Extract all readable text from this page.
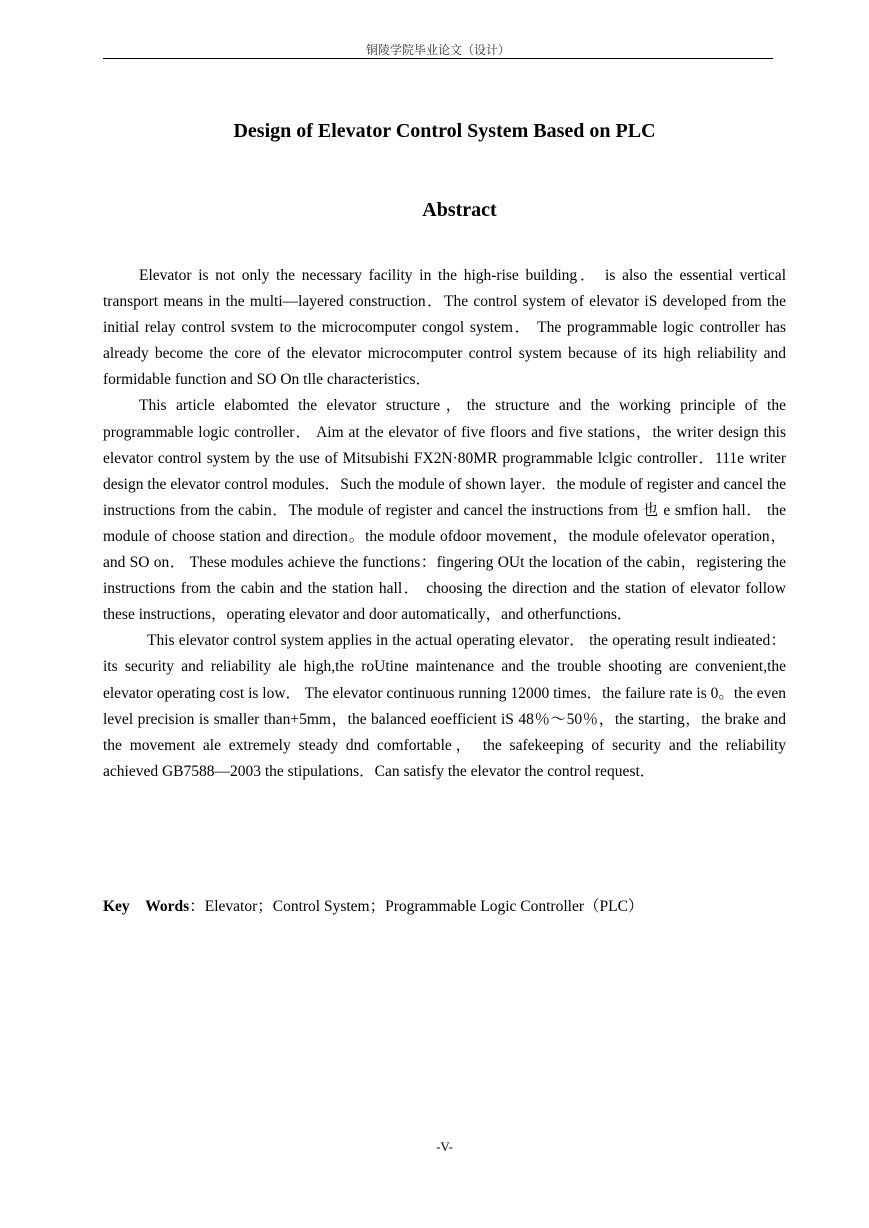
铜陵学院毕业论文（设计）
Design of Elevator Control System Based on PLC
Abstract

Elevator is not only the necessary facility in the high-rise building． is also the essential vertical transport means in the multi—layered construction．The control system of elevator iS developed from the initial relay control svstem to the microcomputer congol system． The programmable logic controller has already become the core of the elevator microcomputer control system because of its high reliability and formidable function and SO On tlle characteristics．

This article elabomted the elevator structure，the structure and the working principle of the programmable logic controller． Aim at the elevator of five floors and five stations，the writer design this elevator control system by the use of Mitsubishi FX2N·80MR programmable lclgic controller．111e writer design the elevator control modules．Such the module of shown layer．the module of register and cancel the instructions from the cabin．The module of register and cancel the instructions from 也 e smfion hall． the module of choose station and direction。the module ofdoor movement，the module ofelevator operation，and SO on． These modules achieve the functions：fingering OUt the location of the cabin，registering the instructions from the cabin and the station hall． choosing the direction and the station of elevator follow these instructions，operating elevator and door automatically，and otherfunctions．

This elevator control system applies in the actual operating elevator． the operating result indieated：its security and reliability ale high,the roUtine maintenance and the trouble shooting are convenient,the elevator operating cost is low． The elevator continuous running 12000 times．the failure rate is 0。the even level precision is smaller than+5mm，the balanced eoefficient iS 48％～50％，the starting，the brake and the movement ale extremely steady dnd comfortable， the safekeeping of security and the reliability achieved GB7588—2003 the stipulations．Can satisfy the elevator the control request．

Key Words：Elevator；Control System；Programmable Logic Controller（PLC）
-V-
